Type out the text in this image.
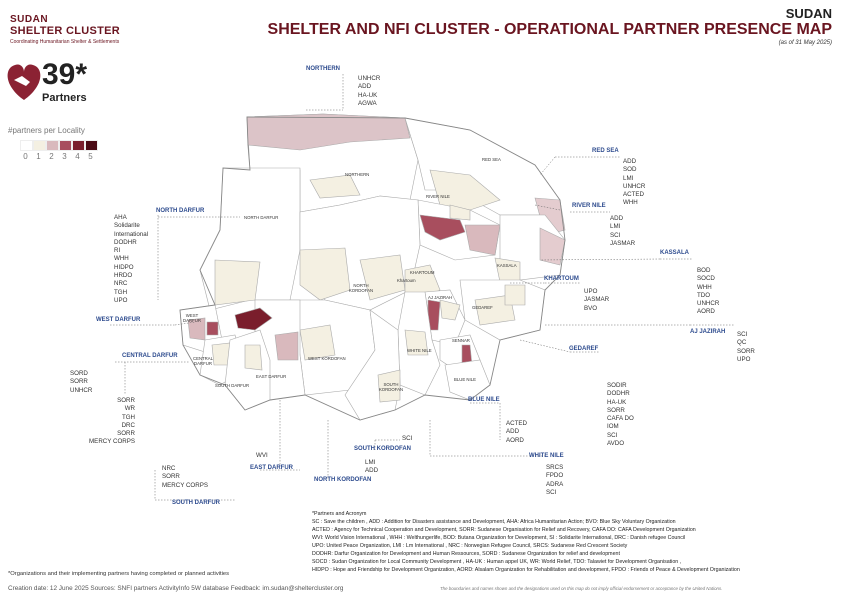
SUDAN
SHELTER CLUSTER
Coordinating Humanitarian Shelter & Settlements
SUDAN
SHELTER AND NFI CLUSTER - OPERATIONAL PARTNER PRESENCE MAP
(as of 31 May 2025)
39*
Partners
#partners per Locality
0	1	2	3	4	5
NORTHERN
UNHCR
ADD
HA-UK
AGWA
RED SEA
ADD
SOD
LMI
UNHCR
ACTED
WHH
RIVER NILE
ADD
LMI
SCI
JASMAR
KASSALA
BOD
SOCD
WHH
TDO
UNHCR
AORD
NORTH DARFUR
AHA
Solidarite
International
DODHR
RI
WHH
HIDPO
HRDO
NRC
TGH
UPO
KHARTOUM
UPO
JASMAR
BVO
AJ JAZIRAH SCI
QC
SORR
UPO
WEST DARFUR
SORD
SORR
UNHCR
CENTRAL DARFUR
SORR
WR
TGH
DRC
SORR
MERCY CORPS
GEDAREF
SODIR
DODHR
HA-UK
SORR
CAFA DO
IOM
SCI
AVDO
BLUE NILE
ACTED
ADD
AORD
WHITE NILE
SRCS
FPDO
ADRA
SCI
SOUTH KORDOFAN
SCI
NORTH KORDOFAN
LMI
ADD
EAST DARFUR
WVI
SOUTH DARFUR
NRC
SORR
MERCY CORPS
NORTHERN
RED SEA
RIVER NILE
NORTH DARFUR
NORTH KORDOFAN
KHARTOUM
Khartoum
KASSALA
AJ JAZIRAH
GEDAREF
WEST DARFUR
CENTRAL DARFUR
SOUTH DARFUR
EAST DARFUR
WEST KORDOFAN
SOUTH KORDOFAN
WHITE NILE
SENNAR
BLUE NILE
*Partners and Acronym
SC : Save the children , ADD : Addition for Disasters assistance and Development, AHA: Africa Humanitarian Action; BVO: Blue Sky Voluntary Organization
ACTED : Agency for Technical Cooperation and Development, SORR: Sudanese Organisation for Relief and Recovery, CAFA DO: CAFA Development Organization
WVI: World Vision International , WHH : Welthungerlife, BOD: Butana Organization for Development, SI : Solidarite International, DRC : Danish refugee Council
UPO: United Peace Organization, LMI : Lm International , NRC : Norwegian Refugee Council, SRCS: Sudanese Red Crescent Society
DODHR: Darfur Organization for Development and Human Ressources, SORD : Sudanese Organization for relief and development
SOCD : Sudan Organization for Local Community Development , HA-UK : Human appel UK, WR: World Relief, TDO: Talawiet for Development Organisation ,
HIDPO : Hope and Friendship for Development Organization, AORD: Alsalam Organization for Rehabilitation and development, FPDO : Friends of Peace & Development Organization
*Organizations and their implementing partners having completed or planned activities
Creation date: 12 June 2025 Sources: SNFI partners ActivityInfo 5W database Feedback: im.sudan@sheltercluster.org	The boundaries and names shown and the designations used on this map do not imply official endorsement or acceptance by the United Nations.
